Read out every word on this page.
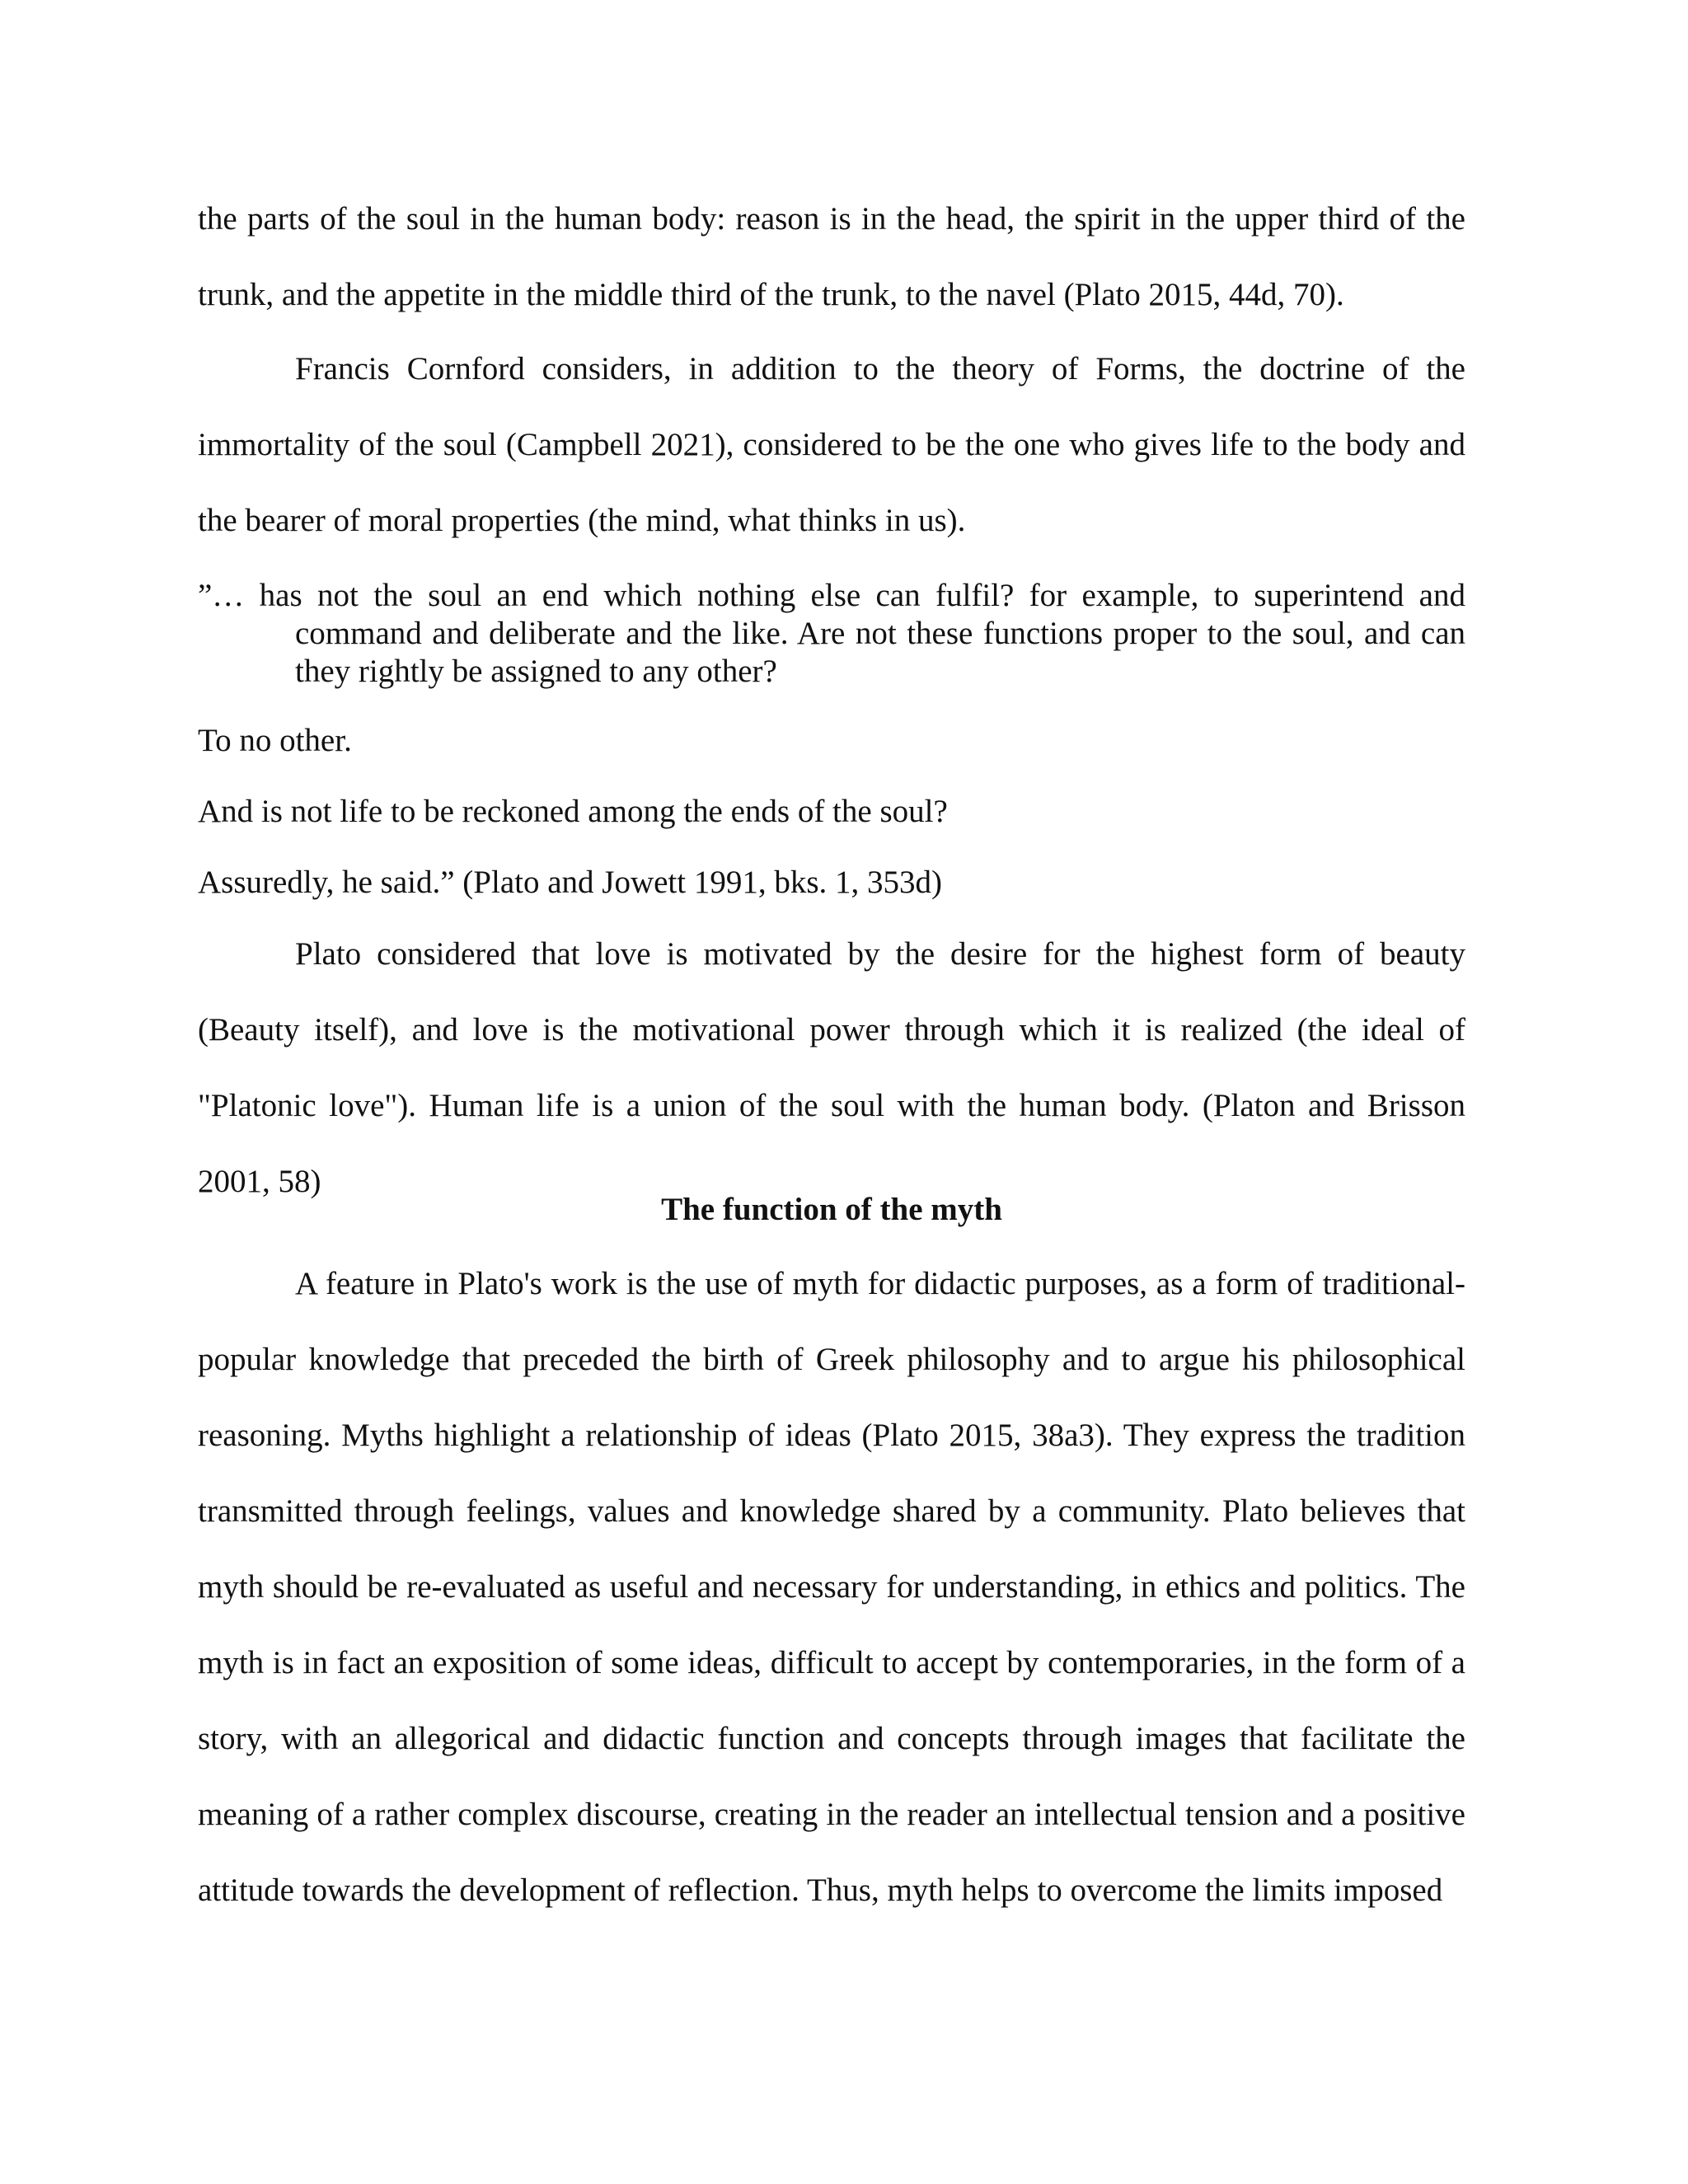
the parts of the soul in the human body: reason is in the head, the spirit in the upper third of the trunk, and the appetite in the middle third of the trunk, to the navel (Plato 2015, 44d, 70).

Francis Cornford considers, in addition to the theory of Forms, the doctrine of the immortality of the soul (Campbell 2021), considered to be the one who gives life to the body and the bearer of moral properties (the mind, what thinks in us).

”… has not the soul an end which nothing else can fulfil? for example, to superintend and command and deliberate and the like. Are not these functions proper to the soul, and can they rightly be assigned to any other?

To no other.

And is not life to be reckoned among the ends of the soul?

Assuredly, he said.” (Plato and Jowett 1991, bks. 1, 353d)

Plato considered that love is motivated by the desire for the highest form of beauty (Beauty itself), and love is the motivational power through which it is realized (the ideal of "Platonic love"). Human life is a union of the soul with the human body. (Platon and Brisson 2001, 58)

The function of the myth

A feature in Plato's work is the use of myth for didactic purposes, as a form of traditional-popular knowledge that preceded the birth of Greek philosophy and to argue his philosophical reasoning. Myths highlight a relationship of ideas (Plato 2015, 38a3). They express the tradition transmitted through feelings, values and knowledge shared by a community. Plato believes that myth should be re-evaluated as useful and necessary for understanding, in ethics and politics. The myth is in fact an exposition of some ideas, difficult to accept by contemporaries, in the form of a story, with an allegorical and didactic function and concepts through images that facilitate the meaning of a rather complex discourse, creating in the reader an intellectual tension and a positive attitude towards the development of reflection. Thus, myth helps to overcome the limits imposed
